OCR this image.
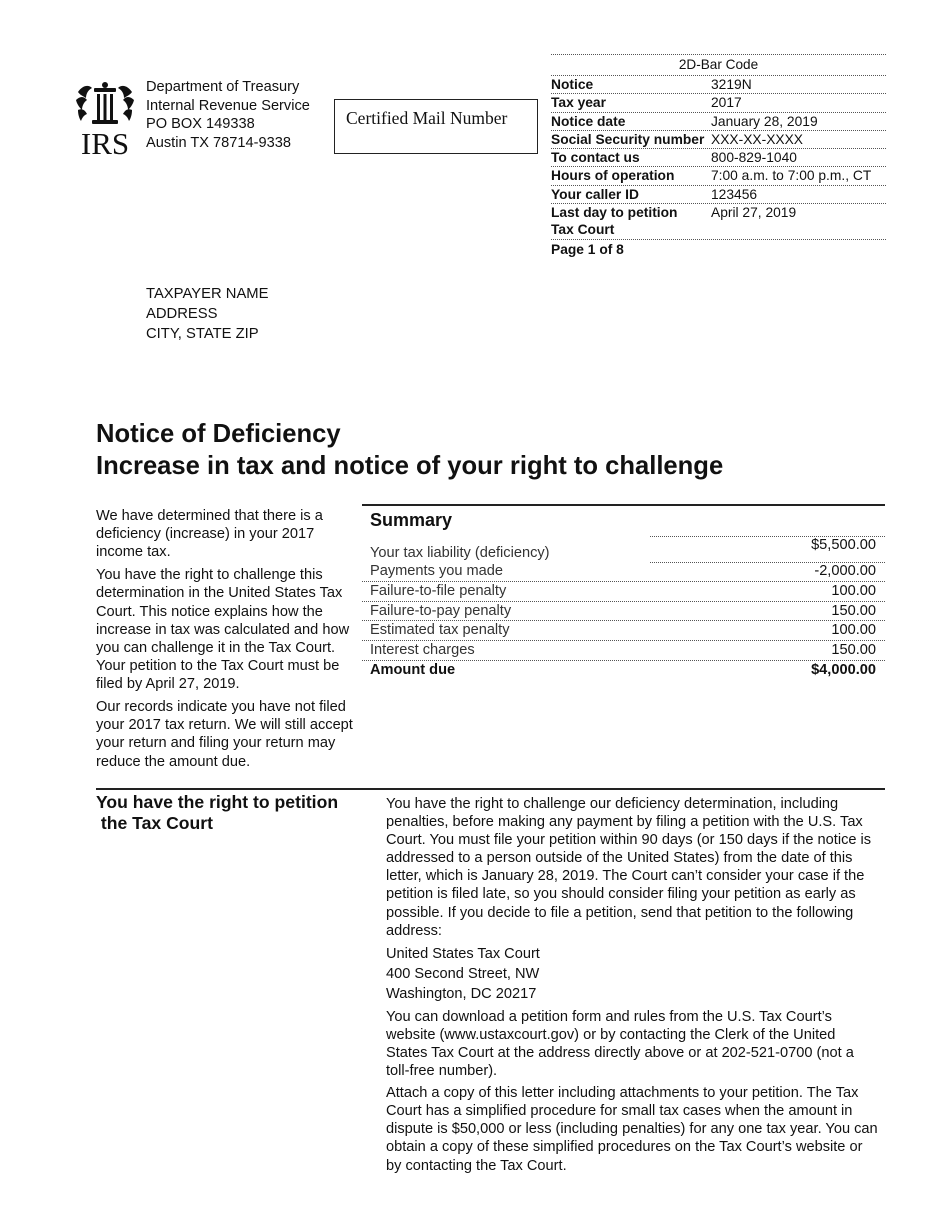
IRS
Department of Treasury
Internal Revenue Service
PO BOX 149338
Austin TX 78714-9338
Certified Mail Number
2D-Bar Code
Notice	3219N
Tax year	2017
Notice date	January 28, 2019
Social Security number XXX-XX-XXXX
To contact us	800-829-1040
Hours of operation	7:00 a.m. to 7:00 p.m., CT
Your caller ID	123456
Last day to petition Tax Court
April 27, 2019
Page 1 of 8
TAXPAYER NAME
ADDRESS
CITY, STATE ZIP
Notice of Deficiency
Increase in tax and notice of your right to challenge

We have determined that there is a deficiency (increase) in your 2017 income tax.

You have the right to challenge this determination in the United States Tax Court. This notice explains how the increase in tax was calculated and how you can challenge it in the Tax Court. Your petition to the Tax Court must be filed by April 27, 2019.

Our records indicate you have not filed your 2017 tax return. We will still accept your return and filing your return may reduce the amount due.

Summary
Your tax liability (deficiency)	$5,500.00
Payments you made	-2,000.00
Failure-to-file penalty	100.00
Failure-to-pay penalty	150.00
Estimated tax penalty	100.00
Interest charges	150.00
Amount due	$4,000.00
You have the right to petition
the Tax Court

You have the right to challenge our deficiency determination, including penalties, before making any payment by filing a petition with the U.S. Tax Court. You must file your petition within 90 days (or 150 days if the notice is addressed to a person outside of the United States) from the date of this letter, which is January 28, 2019. The Court can’t consider your case if the petition is filed late, so you should consider filing your petition as early as possible. If you decide to file a petition, send that petition to the following address:

United States Tax Court

400 Second Street, NW

Washington, DC 20217

You can download a petition form and rules from the U.S. Tax Court’s website (www.ustaxcourt.gov) or by contacting the Clerk of the United States Tax Court at the address directly above or at 202-521-0700 (not a toll-free number).

Attach a copy of this letter including attachments to your petition. The Tax Court has a simplified procedure for small tax cases when the amount in dispute is $50,000 or less (including penalties) for any one tax year. You can obtain a copy of these simplified procedures on the Tax Court’s website or by contacting the Tax Court.
